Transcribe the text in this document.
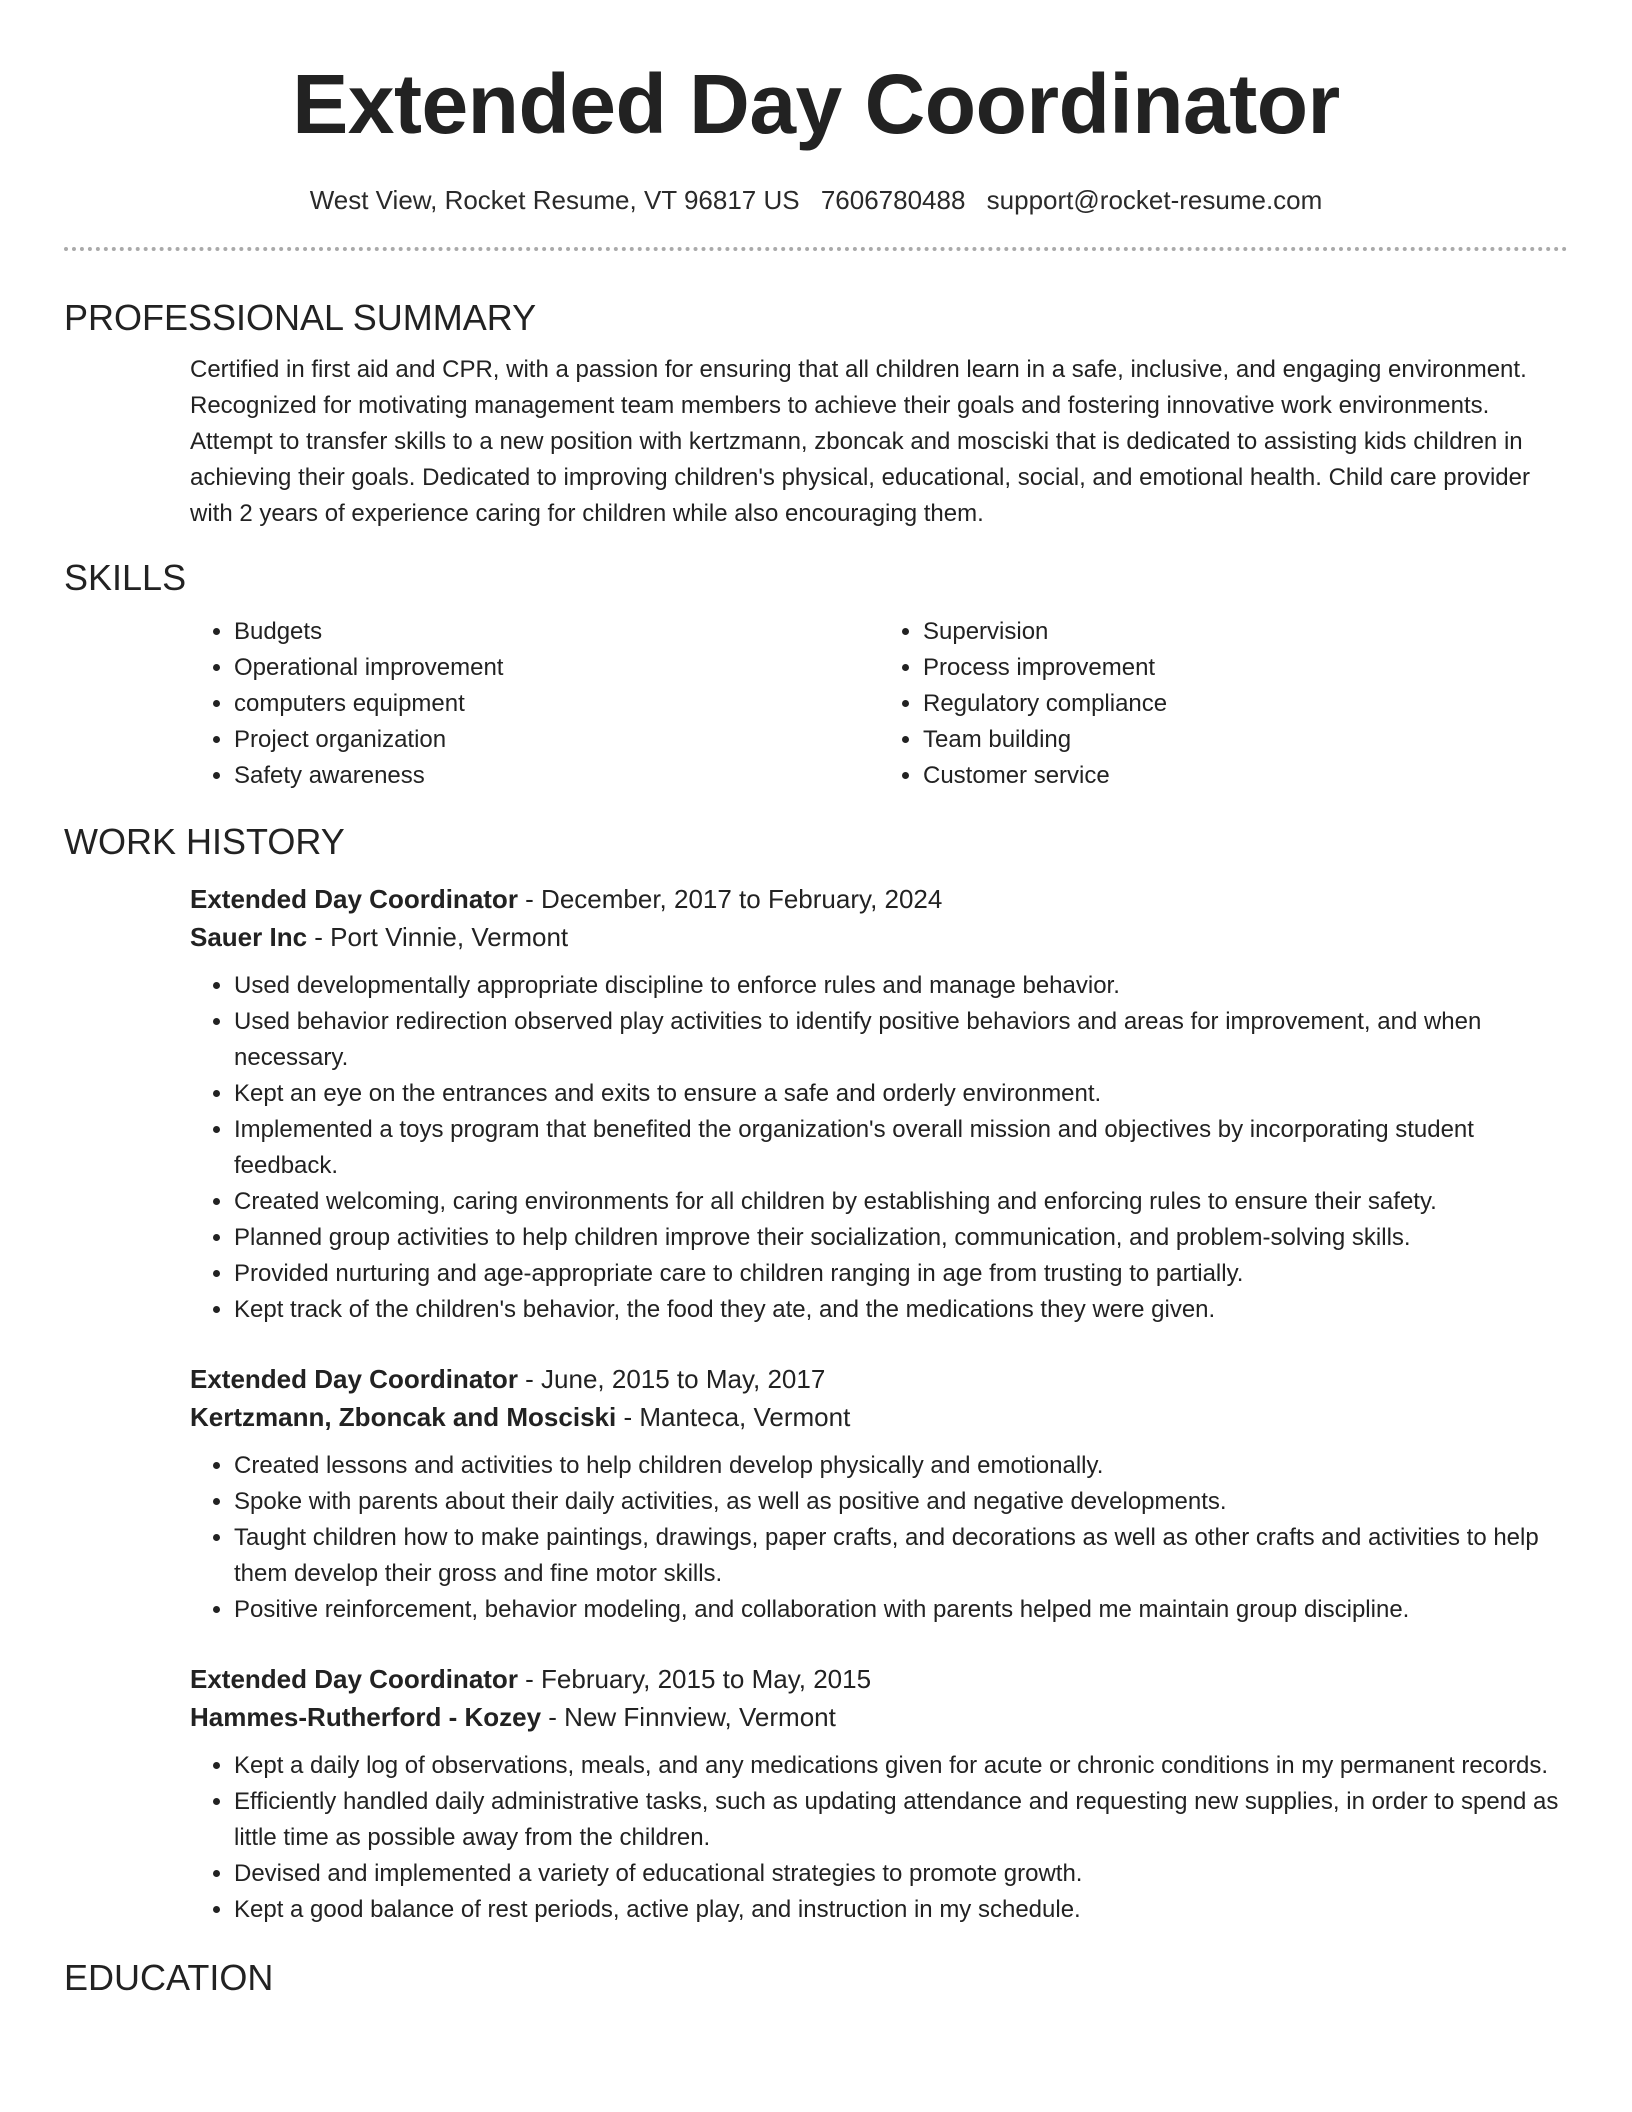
Extended Day Coordinator
West View, Rocket Resume, VT 96817 US 7606780488 support@rocket-resume.com
PROFESSIONAL SUMMARY

Certified in first aid and CPR, with a passion for ensuring that all children learn in a safe, inclusive, and engaging environment. Recognized for motivating management team members to achieve their goals and fostering innovative work environments. Attempt to transfer skills to a new position with kertzmann, zboncak and mosciski that is dedicated to assisting kids children in achieving their goals. Dedicated to improving children's physical, educational, social, and emotional health. Child care provider with 2 years of experience caring for children while also encouraging them.

SKILLS
• Budgets
• Operational improvement
• computers equipment
• Project organization
• Safety awareness
• Supervision
• Process improvement
• Regulatory compliance
• Team building
• Customer service
WORK HISTORY
Extended Day Coordinator - December, 2017 to February, 2024
Sauer Inc - Port Vinnie, Vermont
• Used developmentally appropriate discipline to enforce rules and manage behavior.
• Used behavior redirection observed play activities to identify positive behaviors and areas for improvement, and when necessary.
• Kept an eye on the entrances and exits to ensure a safe and orderly environment.
• Implemented a toys program that benefited the organization's overall mission and objectives by incorporating student feedback.
• Created welcoming, caring environments for all children by establishing and enforcing rules to ensure their safety.
• Planned group activities to help children improve their socialization, communication, and problem-solving skills.
• Provided nurturing and age-appropriate care to children ranging in age from trusting to partially.
• Kept track of the children's behavior, the food they ate, and the medications they were given.
Extended Day Coordinator - June, 2015 to May, 2017
Kertzmann, Zboncak and Mosciski - Manteca, Vermont
• Created lessons and activities to help children develop physically and emotionally.
• Spoke with parents about their daily activities, as well as positive and negative developments.
• Taught children how to make paintings, drawings, paper crafts, and decorations as well as other crafts and activities to help them develop their gross and fine motor skills.
• Positive reinforcement, behavior modeling, and collaboration with parents helped me maintain group discipline.
Extended Day Coordinator - February, 2015 to May, 2015
Hammes-Rutherford - Kozey - New Finnview, Vermont
• Kept a daily log of observations, meals, and any medications given for acute or chronic conditions in my permanent records.
• Efficiently handled daily administrative tasks, such as updating attendance and requesting new supplies, in order to spend as little time as possible away from the children.
• Devised and implemented a variety of educational strategies to promote growth.
• Kept a good balance of rest periods, active play, and instruction in my schedule.
EDUCATION
